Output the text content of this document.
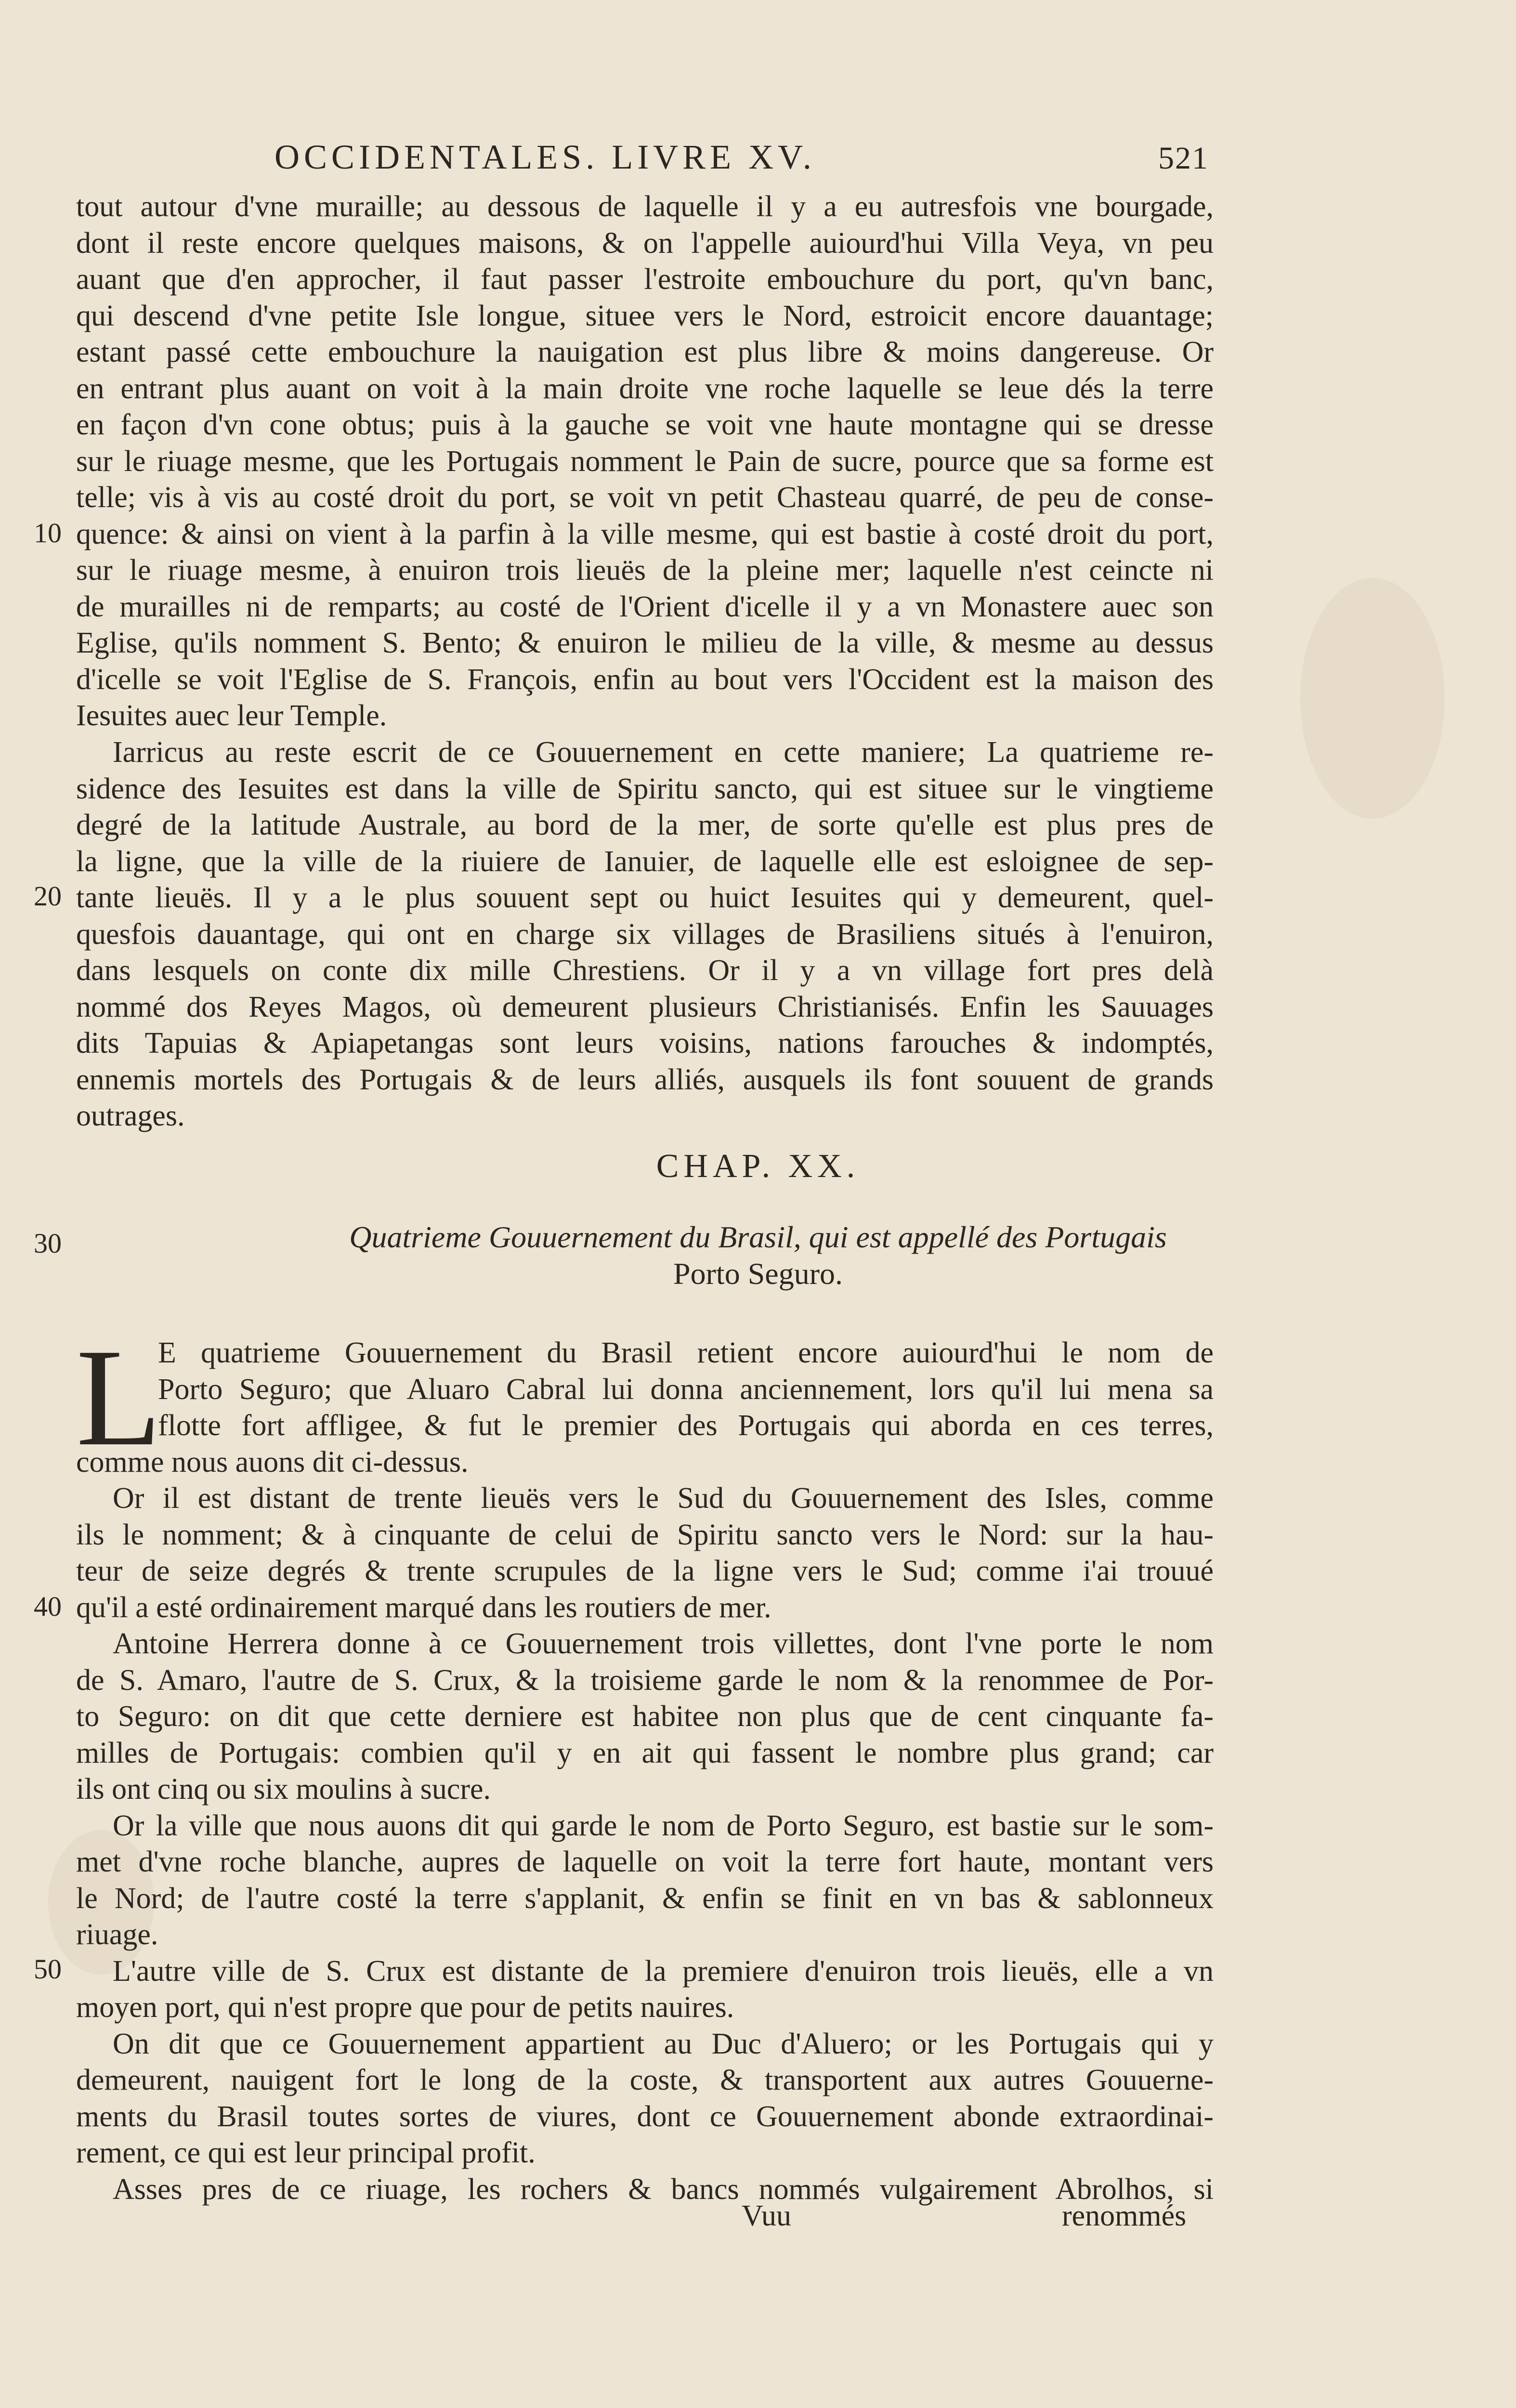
OCCIDENTALES. LIVRE XV.	521
tout autour d'vne muraille; au dessous de laquelle il y a eu autresfois vne bourgade,
dont il reste encore quelques maisons, & on l'appelle auiourd'hui Villa Veya, vn peu
auant que d'en approcher, il faut passer l'estroite embouchure du port, qu'vn banc,
qui descend d'vne petite Isle longue, situee vers le Nord, estroicit encore dauantage;
estant passé cette embouchure la nauigation est plus libre & moins dangereuse. Or
en entrant plus auant on voit à la main droite vne roche laquelle se leue dés la terre
en façon d'vn cone obtus; puis à la gauche se voit vne haute montagne qui se dresse
sur le riuage mesme, que les Portugais nomment le Pain de sucre, pource que sa forme est
telle; vis à vis au costé droit du port, se voit vn petit Chasteau quarré, de peu de conse-
quence: & ainsi on vient à la parfin à la ville mesme, qui est bastie à costé droit du port,
sur le riuage mesme, à enuiron trois lieuës de la pleine mer; laquelle n'est ceincte ni
de murailles ni de remparts; au costé de l'Orient d'icelle il y a vn Monastere auec son
Eglise, qu'ils nomment S. Bento; & enuiron le milieu de la ville, & mesme au dessus
d'icelle se voit l'Eglise de S. François, enfin au bout vers l'Occident est la maison des
Iesuites auec leur Temple.
Iarricus au reste escrit de ce Gouuernement en cette maniere; La quatrieme re-
sidence des Iesuites est dans la ville de Spiritu sancto, qui est situee sur le vingtieme
degré de la latitude Australe, au bord de la mer, de sorte qu'elle est plus pres de
la ligne, que la ville de la riuiere de Ianuier, de laquelle elle est esloignee de sep-
tante lieuës. Il y a le plus souuent sept ou huict Iesuites qui y demeurent, quel-
quesfois dauantage, qui ont en charge six villages de Brasiliens situés à l'enuiron,
dans lesquels on conte dix mille Chrestiens. Or il y a vn village fort pres delà
nommé dos Reyes Magos, où demeurent plusieurs Christianisés. Enfin les Sauuages
dits Tapuias & Apiapetangas sont leurs voisins, nations farouches & indomptés,
ennemis mortels des Portugais & de leurs alliés, ausquels ils font souuent de grands
outrages.
CHAP. XX.
Quatrieme Gouuernement du Brasil, qui est appellé des Portugais
Porto Seguro.
L
E quatrieme Gouuernement du Brasil retient encore auiourd'hui le nom de
Porto Seguro; que Aluaro Cabral lui donna anciennement, lors qu'il lui mena sa
flotte fort affligee, & fut le premier des Portugais qui aborda en ces terres,
comme nous auons dit ci-dessus.
Or il est distant de trente lieuës vers le Sud du Gouuernement des Isles, comme
ils le nomment; & à cinquante de celui de Spiritu sancto vers le Nord: sur la hau-
teur de seize degrés & trente scrupules de la ligne vers le Sud; comme i'ai trouué
qu'il a esté ordinairement marqué dans les routiers de mer.
Antoine Herrera donne à ce Gouuernement trois villettes, dont l'vne porte le nom
de S. Amaro, l'autre de S. Crux, & la troisieme garde le nom & la renommee de Por-
to Seguro: on dit que cette derniere est habitee non plus que de cent cinquante fa-
milles de Portugais: combien qu'il y en ait qui fassent le nombre plus grand; car
ils ont cinq ou six moulins à sucre.
Or la ville que nous auons dit qui garde le nom de Porto Seguro, est bastie sur le som-
met d'vne roche blanche, aupres de laquelle on voit la terre fort haute, montant vers
le Nord; de l'autre costé la terre s'applanit, & enfin se finit en vn bas & sablonneux
riuage.
L'autre ville de S. Crux est distante de la premiere d'enuiron trois lieuës, elle a vn
moyen port, qui n'est propre que pour de petits nauires.
On dit que ce Gouuernement appartient au Duc d'Aluero; or les Portugais qui y
demeurent, nauigent fort le long de la coste, & transportent aux autres Gouuerne-
ments du Brasil toutes sortes de viures, dont ce Gouuernement abonde extraordinai-
rement, ce qui est leur principal profit.
Asses pres de ce riuage, les rochers & bancs nommés vulgairement Abrolhos, si
10
20
30
40
50
Vuu	renommés
